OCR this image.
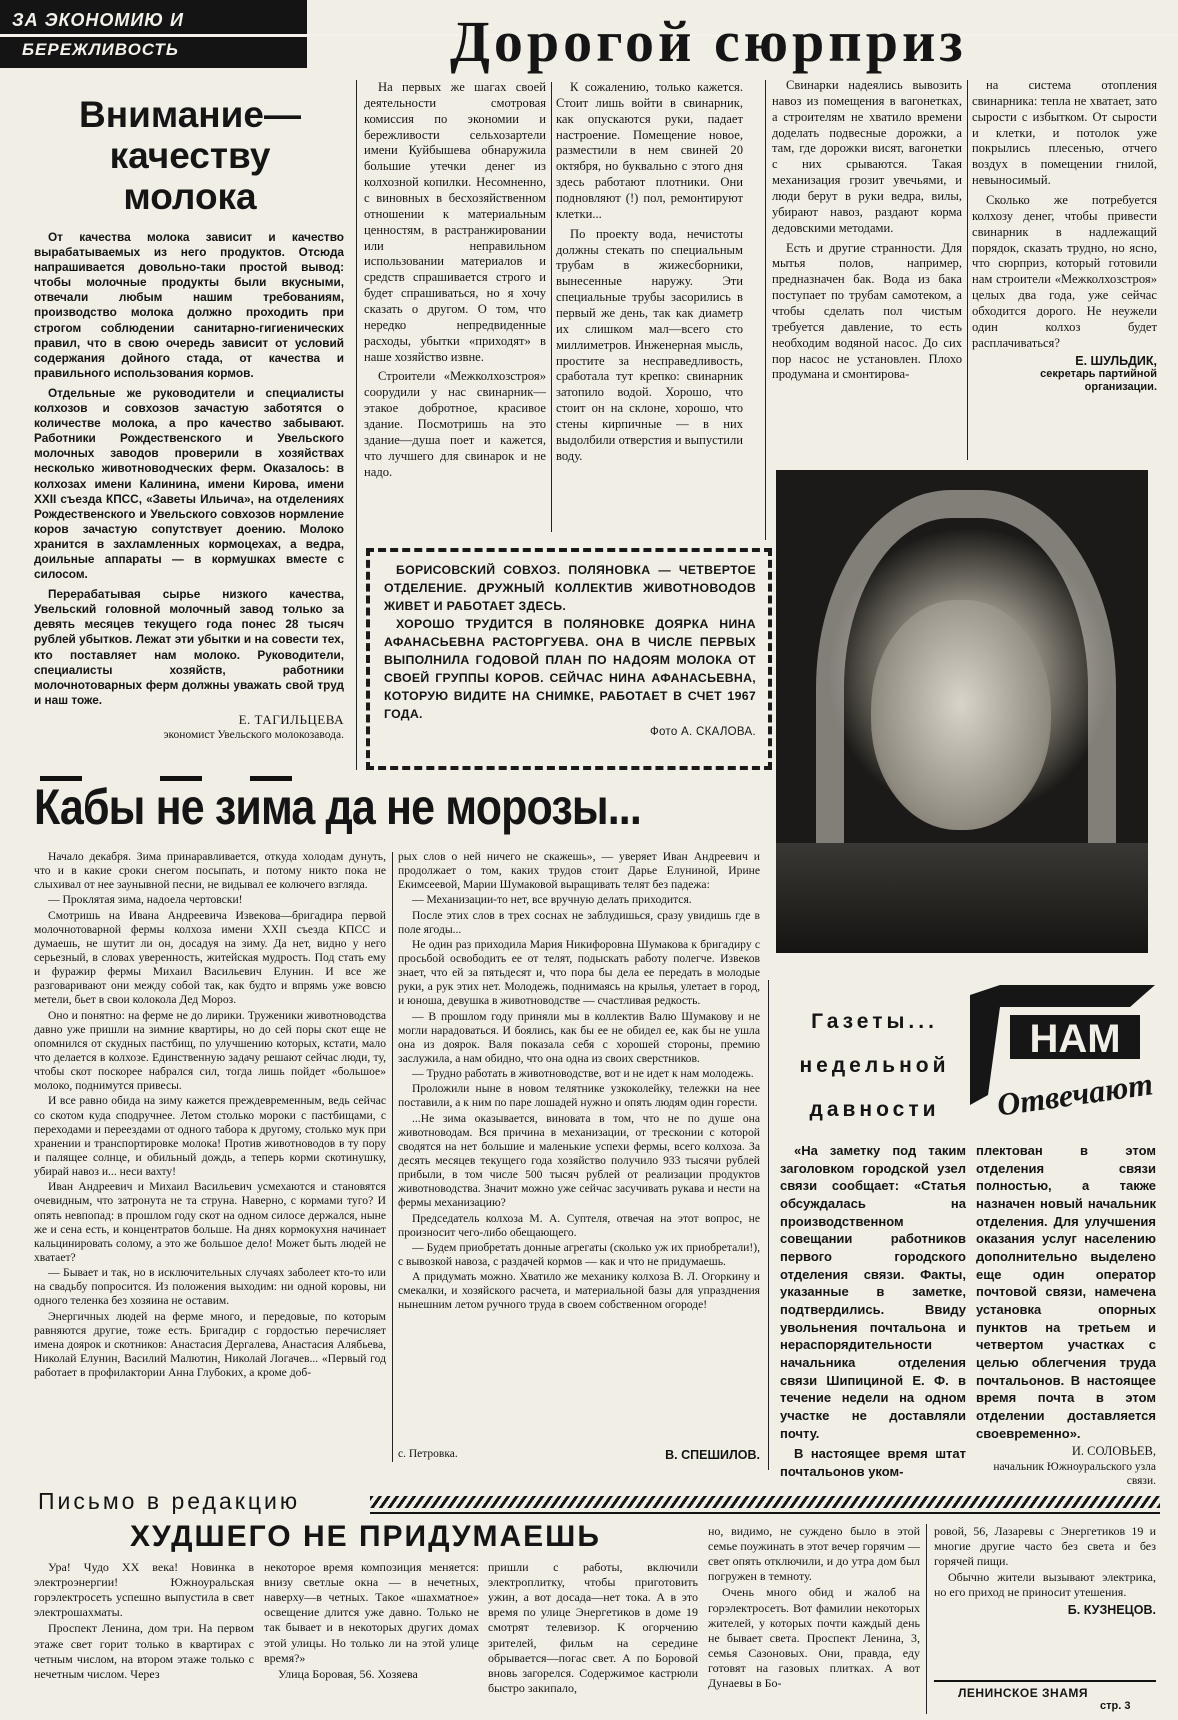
ЗА ЭКОНОМИЮ И
БЕРЕЖЛИВОСТЬ
Внимание—
качеству
молока

От качества молока зависит и качество вырабатываемых из него продуктов. Отсюда напрашивается довольно-таки простой вывод: чтобы молочные продукты были вкусными, отвечали любым нашим требованиям, производство молока должно проходить при строгом соблюдении санитарно-гигиенических правил, что в свою очередь зависит от условий содержания дойного стада, от качества и правильного использования кормов.

Отдельные же руководители и специалисты колхозов и совхозов зачастую заботятся о количестве молока, а про качество забывают. Работники Рождественского и Увельского молочных заводов проверили в хозяйствах несколько животноводческих ферм. Оказалось: в колхозах имени Калинина, имени Кирова, имени XXII съезда КПСС, «Заветы Ильича», на отделениях Рождественского и Увельского совхозов нормление коров зачастую сопутствует доению. Молоко хранится в захламленных кормоцехах, а ведра, доильные аппараты — в кормушках вместе с силосом.

Перерабатывая сырье низкого качества, Увельский головной молочный завод только за девять месяцев текущего года понес 28 тысяч рублей убытков. Лежат эти убытки и на совести тех, кто поставляет нам молоко. Руководители, специалисты хозяйств, работники молочнотоварных ферм должны уважать свой труд и наш тоже.

Е. ТАГИЛЬЦЕВА
экономист Увельского молокозавода.
Дорогой сюрприз

На первых же шагах своей деятельности смотровая комиссия по экономии и бережливости сельхозартели имени Куйбышева обнаружила большие утечки денег из колхозной копилки. Несомненно, с виновных в бесхозяйственном отношении к материальным ценностям, в растранжировании или неправильном использовании материалов и средств спрашивается строго и будет спрашиваться, но я хочу сказать о другом. О том, что нередко непредвиденные расходы, убытки «приходят» в наше хозяйство извне.

Строители «Межколхозстроя» соорудили у нас свинарник— этакое добротное, красивое здание. Посмотришь на это здание—душа поет и кажется, что лучшего для свинарок и не надо.

К сожалению, только кажется. Стоит лишь войти в свинарник, как опускаются руки, падает настроение. Помещение новое, разместили в нем свиней 20 октября, но буквально с этого дня здесь работают плотники. Они подновляют (!) пол, ремонтируют клетки...

По проекту вода, нечистоты должны стекать по специальным трубам в жижесборники, вынесенные наружу. Эти специальные трубы засорились в первый же день, так как диаметр их слишком мал—всего сто миллиметров. Инженерная мысль, простите за несправедливость, сработала тут крепко: свинарник затопило водой. Хорошо, что стоит он на склоне, хорошо, что стены кирпичные — в них выдолбили отверстия и выпустили воду.

Свинарки надеялись вывозить навоз из помещения в вагонетках, а строителям не хватило времени доделать подвесные дорожки, а там, где дорожки висят, вагонетки с них срываются. Такая механизация грозит увечьями, и люди берут в руки ведра, вилы, убирают навоз, раздают корма дедовскими методами.

Есть и другие странности. Для мытья полов, например, предназначен бак. Вода из бака поступает по трубам самотеком, а чтобы сделать пол чистым требуется давление, то есть необходим водяной насос. До сих пор насос не установлен. Плохо продумана и смонтирова-

на система отопления свинарника: тепла не хватает, зато сырости с избытком. От сырости и клетки, и потолок уже покрылись плесенью, отчего воздух в помещении гнилой, невыносимый.

Сколько же потребуется колхозу денег, чтобы привести свинарник в надлежащий порядок, сказать трудно, но ясно, что сюрприз, который готовили нам строители «Межколхозстроя» целых два года, уже сейчас обходится дорого. Не неужели один колхоз будет расплачиваться?

Е. ШУЛЬДИК,
секретарь партийной организации.

БОРИСОВСКИЙ СОВХОЗ. ПОЛЯНОВКА — ЧЕТВЕРТОЕ ОТДЕЛЕНИЕ. ДРУЖНЫЙ КОЛЛЕКТИВ ЖИВОТНОВОДОВ ЖИВЕТ И РАБОТАЕТ ЗДЕСЬ.

ХОРОШО ТРУДИТСЯ В ПОЛЯНОВКЕ ДОЯРКА НИНА АФАНАСЬЕВНА РАСТОРГУЕВА. ОНА В ЧИСЛЕ ПЕРВЫХ ВЫПОЛНИЛА ГОДОВОЙ ПЛАН ПО НАДОЯМ МОЛОКА ОТ СВОЕЙ ГРУППЫ КОРОВ. СЕЙЧАС НИНА АФАНАСЬЕВНА, КОТОРУЮ ВИДИТЕ НА СНИМКЕ, РАБОТАЕТ В СЧЕТ 1967 ГОДА.

Фото А. СКАЛОВА.
Кабы не зима да не морозы...

Начало декабря. Зима принаравливается, откуда холодам дунуть, что и в какие сроки снегом посыпать, и потому никто пока не слыхивал от нее заунывной песни, не видывал ее колючего взгляда.

— Проклятая зима, надоела чертовски!

Смотришь на Ивана Андреевича Извекова—бригадира первой молочнотоварной фермы колхоза имени XXII съезда КПСС и думаешь, не шутит ли он, досадуя на зиму. Да нет, видно у него серьезный, в словах уверенность, житейская мудрость. Под стать ему и фуражир фермы Михаил Васильевич Елунин. И все же разговаривают они между собой так, как будто и впрямь уже вовсю метели, бьет в свои колокола Дед Мороз.

Оно и понятно: на ферме не до лирики. Труженики животноводства давно уже пришли на зимние квартиры, но до сей поры скот еще не опомнился от скудных пастбищ, по улучшению которых, кстати, мало что делается в колхозе. Единственную задачу решают сейчас люди, ту, чтобы скот поскорее набрался сил, тогда лишь пойдет «большое» молоко, поднимутся привесы.

И все равно обида на зиму кажется преждевременным, ведь сейчас со скотом куда сподручнее. Летом столько мороки с пастбищами, с переходами и переездами от одного табора к другому, столько мук при хранении и транспортировке молока! Против животноводов в ту пору и палящее солнце, и обильный дождь, а теперь корми скотинушку, убирай навоз и... неси вахту!

Иван Андреевич и Михаил Васильевич усмехаются и становятся очевидным, что затронута не та струна. Наверно, с кормами туго? И опять невпопад: в прошлом году скот на одном силосе держался, ныне же и сена есть, и концентратов больше. На днях кормокухня начинает кальцинировать солому, а это же большое дело! Может быть людей не хватает?

— Бывает и так, но в исключительных случаях заболеет кто-то или на свадьбу попросится. Из положения выходим: ни одной коровы, ни одного теленка без хозяина не оставим.

Энергичных людей на ферме много, и передовые, по которым равняются другие, тоже есть. Бригадир с гордостью перечисляет имена доярок и скотников: Анастасия Дергалева, Анастасия Алябьева, Николай Елунин, Василий Малютин, Николай Логачев... «Первый год работает в профилактории Анна Глубоких, а кроме доб-

рых слов о ней ничего не скажешь», — уверяет Иван Андреевич и продолжает о том, каких трудов стоит Дарье Елуниной, Ирине Екимсеевой, Марии Шумаковой выращивать телят без падежа:

— Механизации-то нет, все вручную делать приходится.

После этих слов в трех соснах не заблудишься, сразу увидишь где в поле ягоды...

Не один раз приходила Мария Никифоровна Шумакова к бригадиру с просьбой освободить ее от телят, подыскать работу полегче. Извеков знает, что ей за пятьдесят и, что пора бы дела ее передать в молодые руки, а рук этих нет. Молодежь, поднимаясь на крылья, улетает в город, и юноша, девушка в животноводстве — счастливая редкость.

— В прошлом году приняли мы в коллектив Валю Шумакову и не могли нарадоваться. И боялись, как бы ее не обидел ее, как бы не ушла она из доярок. Валя показала себя с хорошей стороны, премию заслужила, а нам обидно, что она одна из своих сверстников.

— Трудно работать в животноводстве, вот и не идет к нам молодежь.

Проложили ныне в новом телятнике узкоколейку, тележки на нее поставили, а к ним по паре лошадей нужно и опять людям один горести.

...Не зима оказывается, виновата в том, что не по душе она животноводам. Вся причина в механизации, от тресконии с которой сводятся на нет большие и маленькие успехи фермы, всего колхоза. За десять месяцев текущего года хозяйство получило 933 тысячи рублей прибыли, в том числе 500 тысяч рублей от реализации продуктов животноводства. Значит можно уже сейчас засучивать рукава и нести на фермы механизацию?

Председатель колхоза М. А. Суптеля, отвечая на этот вопрос, не произносит чего-либо обещающего.

— Будем приобретать донные агрегаты (сколько уж их приобретали!), с вывозкой навоза, с раздачей кормов — как и что не придумаешь.

А придумать можно. Хватило же механику колхоза В. Л. Огоркину и смекалки, и хозяйского расчета, и материальной базы для упразднения нынешним летом ручного труда в своем собственном огороде!

В. СПЕШИЛОВ.
с. Петровка.
Газеты...
недельной
давности
НАМ
Отвечают

«На заметку под таким заголовком городской узел связи сообщает: «Статья обсуждалась на производственном совещании работников первого городского отделения связи. Факты, указанные в заметке, подтвердились. Ввиду увольнения почтальона и нераспорядительности начальника отделения связи Шипициной Е. Ф. в течение недели на одном участке не доставляли почту.

В настоящее время штат почтальонов уком-

плектован в этом отделения связи полностью, а также назначен новый начальник отделения. Для улучшения оказания услуг населению дополнительно выделено еще один оператор почтовой связи, намечена установка опорных пунктов на третьем и четвертом участках с целью облегчения труда почтальонов. В настоящее время почта в этом отделении доставляется своевременно».

И. СОЛОВЬЕВ,
начальник Южноуральского узла связи.
Письмо в редакцию
ХУДШЕГО НЕ ПРИДУМАЕШЬ

Ура! Чудо XX века! Новинка в электроэнергии! Южноуральская горэлектросеть успешно выпустила в свет электрошахматы.

Проспект Ленина, дом три. На первом этаже свет горит только в квартирах с четным числом, на втором этаже только с нечетным числом. Через

некоторое время композиция меняется: внизу светлые окна — в нечетных, наверху—в четных. Такое «шахматное» освещение длится уже давно. Только не так бывает и в некоторых других домах этой улицы. Но только ли на этой улице время?»

Улица Боровая, 56. Хозяева

пришли с работы, включили электроплитку, чтобы приготовить ужин, а вот досада—нет тока. А в это время по улице Энергетиков в доме 19 смотрят телевизор. К огорчению зрителей, фильм на середине обрывается—погас свет. А по Боровой вновь загорелся. Содержимое кастрюли быстро закипало,

но, видимо, не суждено было в этой семье поужинать в этот вечер горячим — свет опять отключили, и до утра дом был погружен в темноту.

Очень много обид и жалоб на горэлектросеть. Вот фамилии некоторых жителей, у которых почти каждый день не бывает света. Проспект Ленина, 3, семья Сазоновых. Они, правда, еду готовят на газовых плитках. А вот Дунаевы в Бо-

ровой, 56, Лазаревы с Энергетиков 19 и многие другие часто без света и без горячей пищи.

Обычно жители вызывают электрика, но его приход не приносит утешения.

Б. КУЗНЕЦОВ.
ЛЕНИНСКОЕ ЗНАМЯ
стр. 3
